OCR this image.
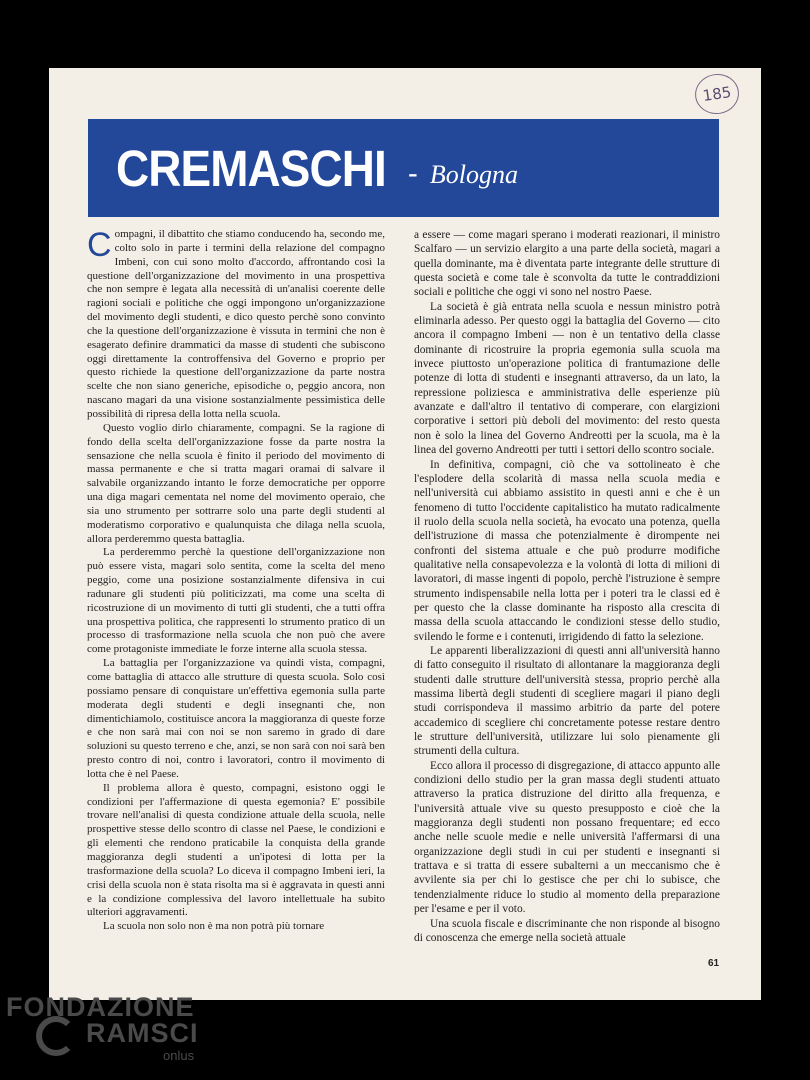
185
CREMASCHI - Bologna

Compagni, il dibattito che stiamo conducendo ha, secondo me, colto solo in parte i termini della relazione del compagno Imbeni, con cui sono molto d'accordo, affrontando così la questione dell'organizzazione del movimento in una prospettiva che non sempre è legata alla necessità di un'analisi coerente delle ragioni sociali e politiche che oggi impongono un'organizzazione del movimento degli studenti, e dico questo perchè sono convinto che la questione dell'organizzazione è vissuta in termini che non è esagerato definire drammatici da masse di studenti che subiscono oggi direttamente la controffensiva del Governo e proprio per questo richiede la questione dell'organizzazione da parte nostra scelte che non siano generiche, episodiche o, peggio ancora, non nascano magari da una visione sostanzialmente pessimistica delle possibilità di ripresa della lotta nella scuola.

Questo voglio dirlo chiaramente, compagni. Se la ragione di fondo della scelta dell'organizzazione fosse da parte nostra la sensazione che nella scuola è finito il periodo del movimento di massa permanente e che si tratta magari oramai di salvare il salvabile organizzando intanto le forze democratiche per opporre una diga magari cementata nel nome del movimento operaio, che sia uno strumento per sottrarre solo una parte degli studenti al moderatismo corporativo e qualunquista che dilaga nella scuola, allora perderemmo questa battaglia.

La perderemmo perchè la questione dell'organizzazione non può essere vista, magari solo sentita, come la scelta del meno peggio, come una posizione sostanzialmente difensiva in cui radunare gli studenti più politicizzati, ma come una scelta di ricostruzione di un movimento di tutti gli studenti, che a tutti offra una prospettiva politica, che rappresenti lo strumento pratico di un processo di trasformazione nella scuola che non può che avere come protagoniste immediate le forze interne alla scuola stessa.

La battaglia per l'organizzazione va quindi vista, compagni, come battaglia di attacco alle strutture di questa scuola. Solo così possiamo pensare di conquistare un'effettiva egemonia sulla parte moderata degli studenti e degli insegnanti che, non dimentichiamolo, costituisce ancora la maggioranza di queste forze e che non sarà mai con noi se non saremo in grado di dare soluzioni su questo terreno e che, anzi, se non sarà con noi sarà ben presto contro di noi, contro i lavoratori, contro il movimento di lotta che è nel Paese.

Il problema allora è questo, compagni, esistono oggi le condizioni per l'affermazione di questa egemonia? E' possibile trovare nell'analisi di questa condizione attuale della scuola, nelle prospettive stesse dello scontro di classe nel Paese, le condizioni e gli elementi che rendono praticabile la conquista della grande maggioranza degli studenti a un'ipotesi di lotta per la trasformazione della scuola? Lo diceva il compagno Imbeni ieri, la crisi della scuola non è stata risolta ma si è aggravata in questi anni e la condizione complessiva del lavoro intellettuale ha subito ulteriori aggravamenti.

La scuola non solo non è ma non potrà più tornare

a essere — come magari sperano i moderati reazionari, il ministro Scalfaro — un servizio elargito a una parte della società, magari a quella dominante, ma è diventata parte integrante delle strutture di questa società e come tale è sconvolta da tutte le contraddizioni sociali e politiche che oggi vi sono nel nostro Paese.

La società è già entrata nella scuola e nessun ministro potrà eliminarla adesso. Per questo oggi la battaglia del Governo — cito ancora il compagno Imbeni — non è un tentativo della classe dominante di ricostruire la propria egemonia sulla scuola ma invece piuttosto un'operazione politica di frantumazione delle potenze di lotta di studenti e insegnanti attraverso, da un lato, la repressione poliziesca e amministrativa delle esperienze più avanzate e dall'altro il tentativo di comperare, con elargizioni corporative i settori più deboli del movimento: del resto questa non è solo la linea del Governo Andreotti per la scuola, ma è la linea del governo Andreotti per tutti i settori dello scontro sociale.

In definitiva, compagni, ciò che va sottolineato è che l'esplodere della scolarità di massa nella scuola media e nell'università cui abbiamo assistito in questi anni e che è un fenomeno di tutto l'occidente capitalistico ha mutato radicalmente il ruolo della scuola nella società, ha evocato una potenza, quella dell'istruzione di massa che potenzialmente è dirompente nei confronti del sistema attuale e che può produrre modifiche qualitative nella consapevolezza e la volontà di lotta di milioni di lavoratori, di masse ingenti di popolo, perchè l'istruzione è sempre strumento indispensabile nella lotta per i poteri tra le classi ed è per questo che la classe dominante ha risposto alla crescita di massa della scuola attaccando le condizioni stesse dello studio, svilendo le forme e i contenuti, irrigidendo di fatto la selezione.

Le apparenti liberalizzazioni di questi anni all'università hanno di fatto conseguito il risultato di allontanare la maggioranza degli studenti dalle strutture dell'università stessa, proprio perchè alla massima libertà degli studenti di scegliere magari il piano degli studi corrispondeva il massimo arbitrio da parte del potere accademico di scegliere chi concretamente potesse restare dentro le strutture dell'università, utilizzare lui solo pienamente gli strumenti della cultura.

Ecco allora il processo di disgregazione, di attacco appunto alle condizioni dello studio per la gran massa degli studenti attuato attraverso la pratica distruzione del diritto alla frequenza, e l'università attuale vive su questo presupposto e cioè che la maggioranza degli studenti non possano frequentare; ed ecco anche nelle scuole medie e nelle università l'affermarsi di una organizzazione degli studi in cui per studenti e insegnanti si trattava e si tratta di essere subalterni a un meccanismo che è avvilente sia per chi lo gestisce che per chi lo subisce, che tendenzialmente riduce lo studio al momento della preparazione per l'esame e per il voto.

Una scuola fiscale e discriminante che non risponde al bisogno di conoscenza che emerge nella società attuale

61
FONDAZIONE
RAMSCI
onlus
